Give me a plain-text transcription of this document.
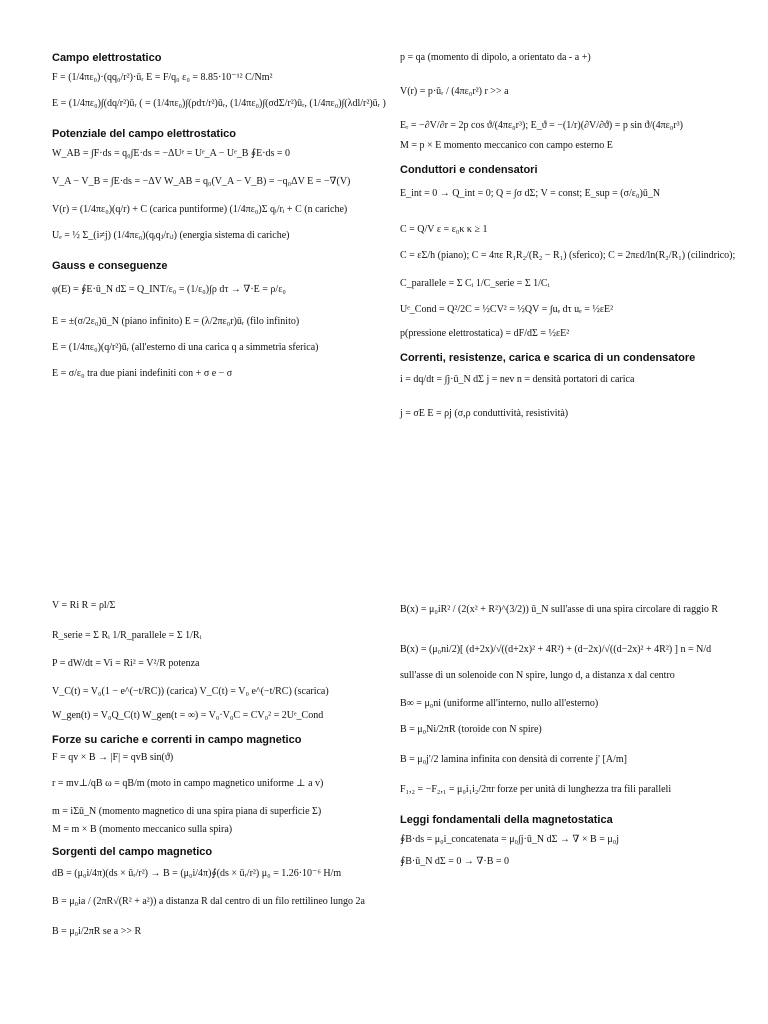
Campo elettrostatico

F = (1/4πε₀)·(qq₀/r²)·ūᵣ E = F/q₀ ε₀ = 8.85·10⁻¹² C/Nm²

E = (1/4πε₀)∫(dq/r²)ūᵣ ( = (1/4πε₀)∫(ρdτ/r²)ūᵣ, (1/4πε₀)∫(σdΣ/r²)ūᵣ, (1/4πε₀)∫(λdl/r²)ūᵣ )

Potenziale del campo elettrostatico

W_AB = ∫F·ds = q₀∫E·ds = −ΔUᵉ = Uᵉ_A − Uᵉ_B ∮E·ds = 0

V_A − V_B = ∫E·ds = −ΔV W_AB = q₀(V_A − V_B) = −q₀ΔV E = −∇(V)

V(r) = (1/4πε₀)(q/r) + C (carica puntiforme) (1/4πε₀)Σ qᵢ/rᵢ + C (n cariche)

Uₑ = ½ Σ_(i≠j) (1/4πε₀)(qᵢqⱼ/rᵢⱼ) (energia sistema di cariche)

Gauss e conseguenze

φ(E) = ∮E·ū_N dΣ = Q_INT/ε₀ = (1/ε₀)∫ρ dτ → ∇·E = ρ/ε₀

E = ±(σ/2ε₀)ū_N (piano infinito) E = (λ/2πε₀r)ūᵣ (filo infinito)

E = (1/4πε₀)(q/r²)ūᵣ (all'esterno di una carica q a simmetria sferica)

E = σ/ε₀ tra due piani indefiniti con + σ e − σ

p = qa (momento di dipolo, a orientato da - a +)

V(r) = p·ūᵣ / (4πε₀r²) r >> a

Eᵣ = −∂V/∂r = 2p cos ϑ/(4πε₀r³); E_ϑ = −(1/r)(∂V/∂ϑ) = p sin ϑ/(4πε₀r³)

M = p × E momento meccanico con campo esterno E

Conduttori e condensatori

E_int = 0 → Q_int = 0; Q = ∫σ dΣ; V = const; E_sup = (σ/ε₀)ū_N

C = Q/V ε = ε₀κ κ ≥ 1

C = εΣ/h (piano); C = 4πε R₁R₂/(R₂ − R₁) (sferico); C = 2πεd/ln(R₂/R₁) (cilindrico);

C_parallele = Σ Cᵢ 1/C_serie = Σ 1/Cᵢ

Uᵉ_Cond = Q²/2C = ½CV² = ½QV = ∫uₑ dτ uₑ = ½εE²

p(pressione elettrostatica) = dF/dΣ = ½εE²

Correnti, resistenze, carica e scarica di un condensatore

i = dq/dt = ∫j·ū_N dΣ j = nev n = densità portatori di carica

j = σE E = ρj (σ,ρ conduttività, resistività)

V = Ri R = ρl/Σ

R_serie = Σ Rᵢ 1/R_parallele = Σ 1/Rᵢ

P = dW/dt = Vi = Ri² = V²/R potenza

V_C(t) = V₀(1 − e^(−t/RC)) (carica) V_C(t) = V₀ e^(−t/RC) (scarica)

W_gen(t) = V₀Q_C(t) W_gen(t = ∞) = V₀·V₀C = CV₀² = 2Uᵉ_Cond

Forze su cariche e correnti in campo magnetico

F = qv × B → |F| = qvB sin(ϑ)

r = mv⊥/qB ω = qB/m (moto in campo magnetico uniforme ⊥ a v)

m = iΣū_N (momento magnetico di una spira piana di superficie Σ)

M = m × B (momento meccanico sulla spira)

Sorgenti del campo magnetico

dB = (μ₀i/4π)(ds × ūᵣ/r²) → B = (μ₀i/4π)∮(ds × ūᵣ/r²) μ₀ = 1.26·10⁻⁶ H/m

B = μ₀ia / (2πR√(R² + a²)) a distanza R dal centro di un filo rettilineo lungo 2a

B = μ₀i/2πR se a >> R

B(x) = μ₀iR² / (2(x² + R²)^(3/2)) ū_N sull'asse di una spira circolare di raggio R

B(x) = (μ₀ni/2)[ (d+2x)/√((d+2x)² + 4R²) + (d−2x)/√((d−2x)² + 4R²) ] n = N/d

sull'asse di un solenoide con N spire, lungo d, a distanza x dal centro

B∞ = μ₀ni (uniforme all'interno, nullo all'esterno)

B = μ₀Ni/2πR (toroide con N spire)

B = μ₀j'/2 lamina infinita con densità di corrente j' [A/m]

F₁,₂ = −F₂,₁ = μ₀i₁i₂/2πr forze per unità di lunghezza tra fili paralleli

Leggi fondamentali della magnetostatica

∮B·ds = μ₀i_concatenata = μ₀∫j·ū_N dΣ → ∇ × B = μ₀j

∮B·ū_N dΣ = 0 → ∇·B = 0
